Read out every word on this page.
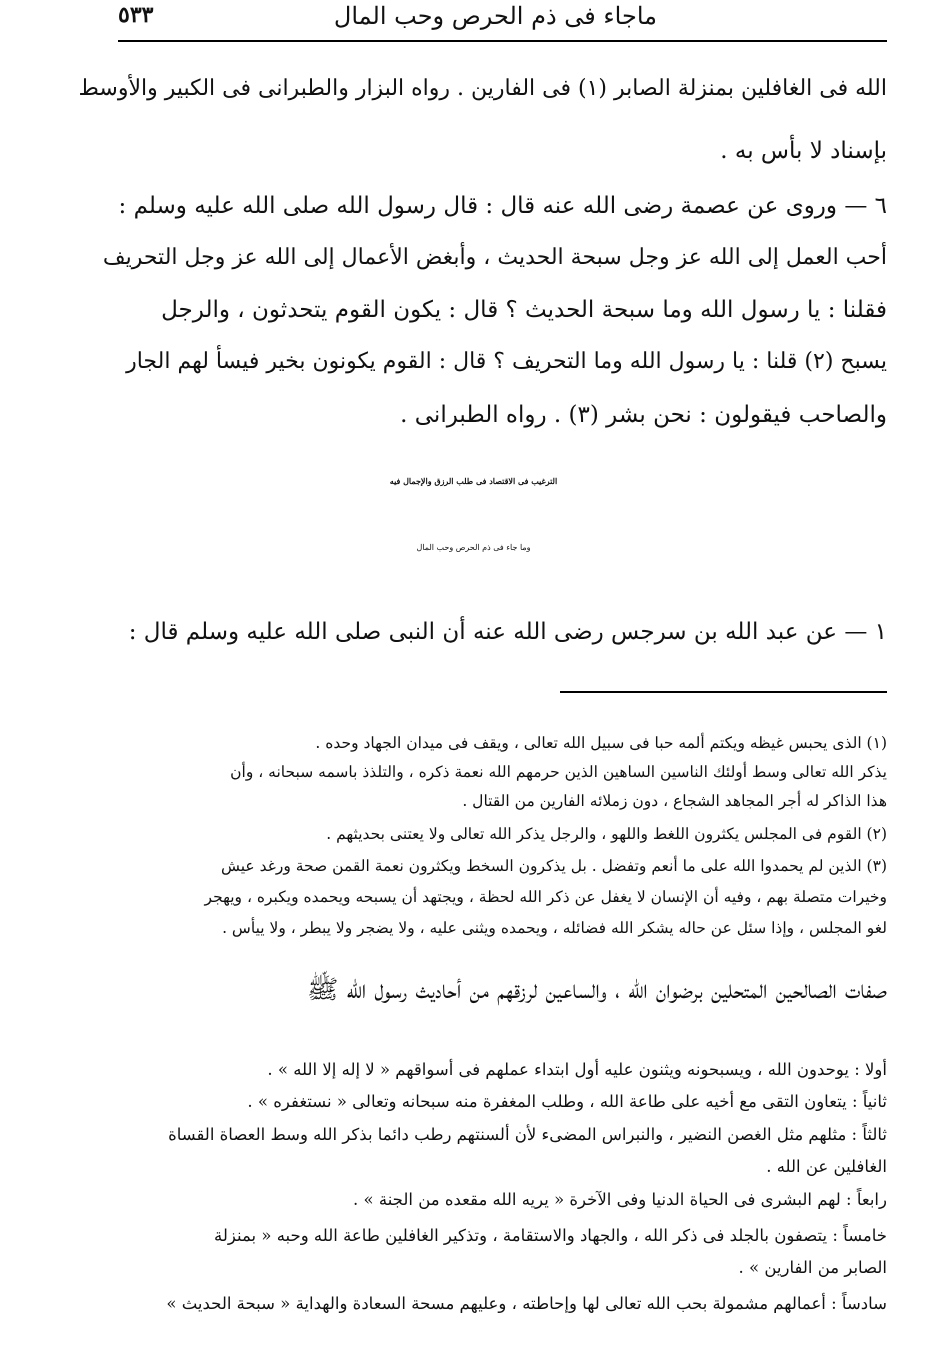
ماجاء فى ذم الحرص وحب المال
٥٣٣
الله فى الغافلين بمنزلة الصابر (١) فى الفارين . رواه البزار والطبرانى فى الكبير والأوسط
بإسناد لا بأس به .
٦ — وروى عن عصمة رضى الله عنه قال : قال رسول الله صلى الله عليه وسلم :
أحب العمل إلى الله عز وجل سبحة الحديث ، وأبغض الأعمال إلى الله عز وجل التحريف
فقلنا : يا رسول الله وما سبحة الحديث ؟ قال : يكون القوم يتحدثون ، والرجل
يسبح (٢) قلنا : يا رسول الله وما التحريف ؟ قال : القوم يكونون بخير فيسأ لهم الجار
والصاحب فيقولون : نحن بشر (٣) . رواه الطبرانى .
الترغيب فى الاقتصاد فى طلب الرزق والإجمال فيه
وما جاء فى ذم الحرص وحب المال
١ — عن عبد الله بن سرجس رضى الله عنه أن النبى صلى الله عليه وسلم قال :
(١) الذى يحبس غيظه ويكتم ألمه حبا فى سبيل الله تعالى ، ويقف فى ميدان الجهاد وحده .
يذكر الله تعالى وسط أولئك الناسين الساهين الذين حرمهم الله نعمة ذكره ، والتلذذ باسمه سبحانه ، وأن
هذا الذاكر له أجر المجاهد الشجاع ، دون زملائه الفارين من القتال .
(٢) القوم فى المجلس يكثرون اللغط واللهو ، والرجل يذكر الله تعالى ولا يعتنى بحديثهم .
(٣) الذين لم يحمدوا الله على ما أنعم وتفضل . بل يذكرون السخط ويكثرون نعمة القمن صحة ورغد عيش
وخيرات متصلة بهم ، وفيه أن الإنسان لا يغفل عن ذكر الله لحظة ، ويجتهد أن يسبحه ويحمده ويكبره ، ويهجر
لغو المجلس ، وإذا سئل عن حاله يشكر الله فضائله ، ويحمده ويثنى عليه ، ولا يضجر ولا يبطر ، ولا ييأس .
صفات الصالحين المتحلين برضوان الله ، والساعين لرزقهم من أحاديث رسول الله ﷺ
أولا : يوحدون الله ، ويسبحونه ويثنون عليه أول ابتداء عملهم فى أسواقهم « لا إله إلا الله » .
ثانياً : يتعاون التقى مع أخيه على طاعة الله ، وطلب المغفرة منه سبحانه وتعالى « نستغفره » .
ثالثاً : مثلهم مثل الغصن النضير ، والنبراس المضىء لأن ألسنتهم رطب دائما بذكر الله وسط العصاة القساة
الغافلين عن الله .
رابعاً : لهم البشرى فى الحياة الدنيا وفى الآخرة « يريه الله مقعده من الجنة » .
خامساً : يتصفون بالجلد فى ذكر الله ، والجهاد والاستقامة ، وتذكير الغافلين طاعة الله وحبه « بمنزلة
الصابر من الفارين » .
سادساً : أعمالهم مشمولة بحب الله تعالى لها وإحاطته ، وعليهم مسحة السعادة والهداية « سبحة الحديث »
